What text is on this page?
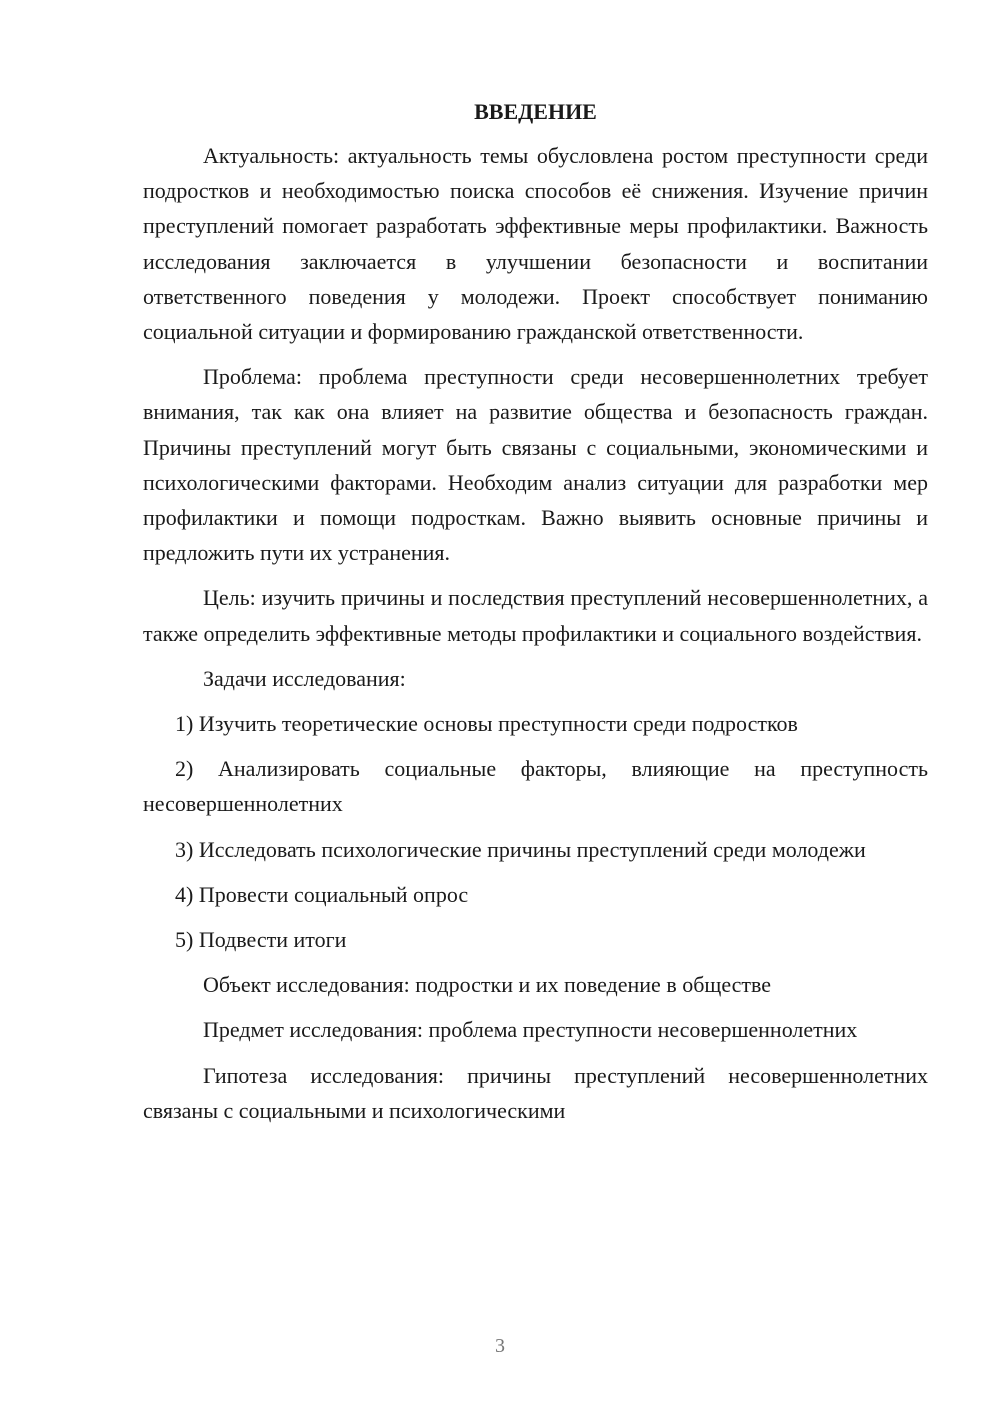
ВВЕДЕНИЕ

Актуальность: актуальность темы обусловлена ростом преступности среди подростков и необходимостью поиска способов её снижения. Изучение причин преступлений помогает разработать эффективные меры профилактики. Важность исследования заключается в улучшении безопасности и воспитании ответственного поведения у молодежи. Проект способствует пониманию социальной ситуации и формированию гражданской ответственности.

Проблема: проблема преступности среди несовершеннолетних требует внимания, так как она влияет на развитие общества и безопасность граждан. Причины преступлений могут быть связаны с социальными, экономическими и психологическими факторами. Необходим анализ ситуации для разработки мер профилактики и помощи подросткам. Важно выявить основные причины и предложить пути их устранения.

Цель: изучить причины и последствия преступлений несовершеннолетних, а также определить эффективные методы профилактики и социального воздействия.

Задачи исследования:

1) Изучить теоретические основы преступности среди подростков

2) Анализировать социальные факторы, влияющие на преступность несовершеннолетних

3) Исследовать психологические причины преступлений среди молодежи

4) Провести социальный опрос

5) Подвести итоги

Объект исследования: подростки и их поведение в обществе

Предмет исследования: проблема преступности несовершеннолетних

Гипотеза исследования: причины преступлений несовершеннолетних связаны с социальными и психологическими

3
